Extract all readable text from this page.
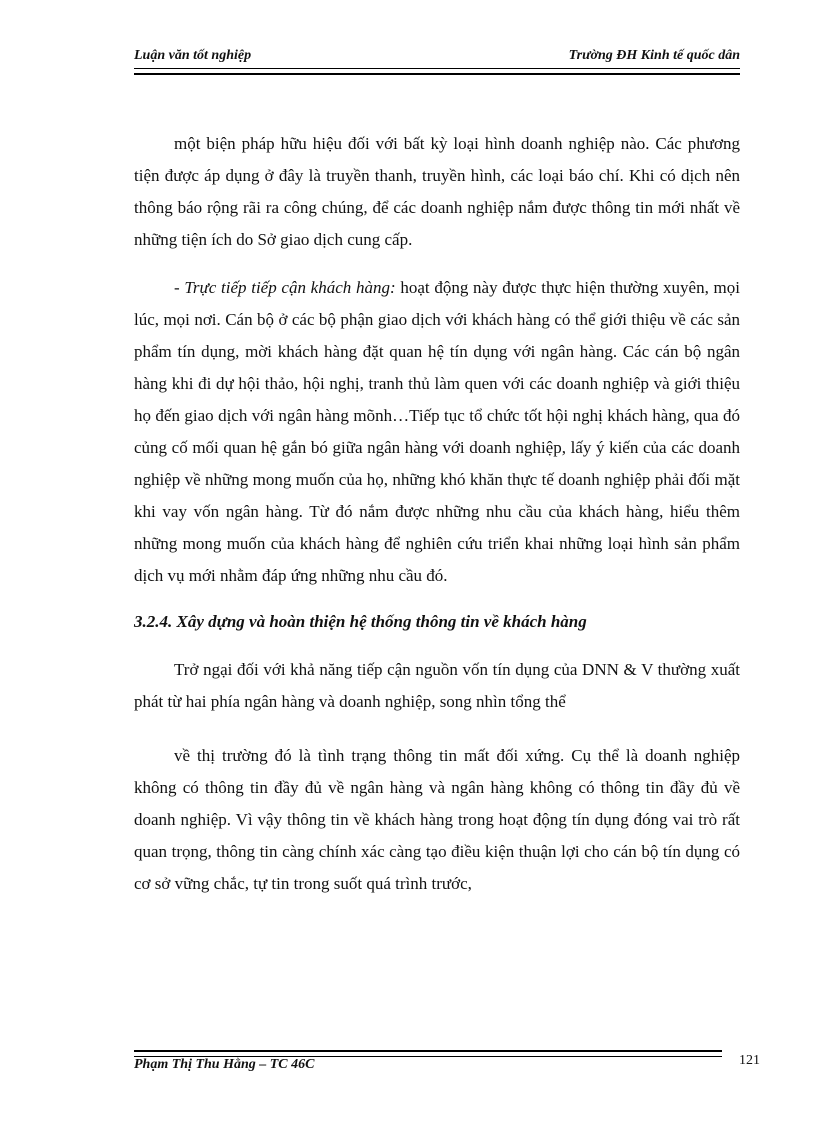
Luận văn tốt nghiệp	Trường ĐH Kinh tế quốc dân

một biện pháp hữu hiệu đối với bất kỳ loại hình doanh nghiệp nào. Các phương tiện được áp dụng ở đây là truyền thanh, truyền hình, các loại báo chí. Khi có dịch nên thông báo rộng rãi ra công chúng, để các doanh nghiệp nắm được thông tin mới nhất về những tiện ích do Sở giao dịch cung cấp.

- Trực tiếp tiếp cận khách hàng: hoạt động này được thực hiện thường xuyên, mọi lúc, mọi nơi. Cán bộ ở các bộ phận giao dịch với khách hàng có thể giới thiệu về các sản phẩm tín dụng, mời khách hàng đặt quan hệ tín dụng với ngân hàng. Các cán bộ ngân hàng khi đi dự hội thảo, hội nghị, tranh thủ làm quen với các doanh nghiệp và giới thiệu họ đến giao dịch với ngân hàng mõnh…Tiếp tục tổ chức tốt hội nghị khách hàng, qua đó củng cố mối quan hệ gắn bó giữa ngân hàng với doanh nghiệp, lấy ý kiến của các doanh nghiệp về những mong muốn của họ, những khó khăn thực tế doanh nghiệp phải đối mặt khi vay vốn ngân hàng. Từ đó nắm được những nhu cầu của khách hàng, hiểu thêm những mong muốn của khách hàng để nghiên cứu triển khai những loại hình sản phẩm dịch vụ mới nhằm đáp ứng những nhu cầu đó.

3.2.4. Xây dựng và hoàn thiện hệ thống thông tin về khách hàng

Trở ngại đối với khả năng tiếp cận nguồn vốn tín dụng của DNN & V thường xuất phát từ hai phía ngân hàng và doanh nghiệp, song nhìn tổng thể

về thị trường đó là tình trạng thông tin mất đối xứng. Cụ thể là doanh nghiệp không có thông tin đầy đủ về ngân hàng và ngân hàng không có thông tin đầy đủ về doanh nghiệp. Vì vậy thông tin về khách hàng trong hoạt động tín dụng đóng vai trò rất quan trọng, thông tin càng chính xác càng tạo điều kiện thuận lợi cho cán bộ tín dụng có cơ sở vững chắc, tự tin trong suốt quá trình trước,

Phạm Thị Thu Hằng – TC 46C	121
